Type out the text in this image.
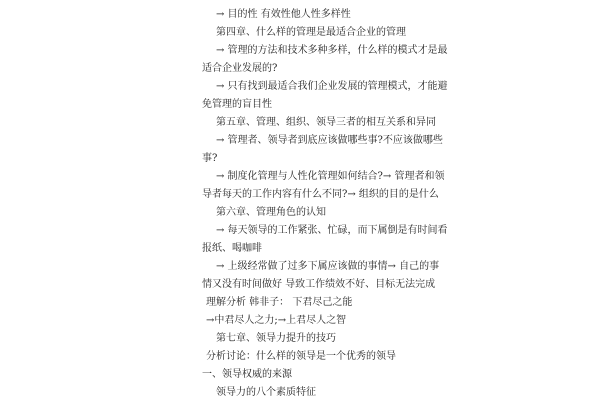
→ 目的性 有效性他人性多样性
第四章、什么样的管理是最适合企业的管理
→ 管理的方法和技术多种多样，什么样的模式才是最
适合企业发展的?
→ 只有找到最适合我们企业发展的管理模式，才能避
免管理的盲目性
第五章、管理、组织、领导三者的相互关系和异同
→ 管理者、领导者到底应该做哪些事?不应该做哪些
事?
→ 制度化管理与人性化管理如何结合?→ 管理者和领
导者每天的工作内容有什么不同?→ 组织的目的是什么
第六章、管理角色的认知
→ 每天领导的工作紧张、忙碌，而下属倒是有时间看
报纸、喝咖啡
→ 上级经常做了过多下属应该做的事情→ 自己的事
情又没有时间做好 导致工作绩效不好、目标无法完成
理解分析 韩非子： 下君尽己之能
→中君尽人之力;→上君尽人之智
第七章、领导力提升的技巧
分析讨论：什么样的领导是一个优秀的领导
一、领导权威的来源
领导力的八个素质特征
